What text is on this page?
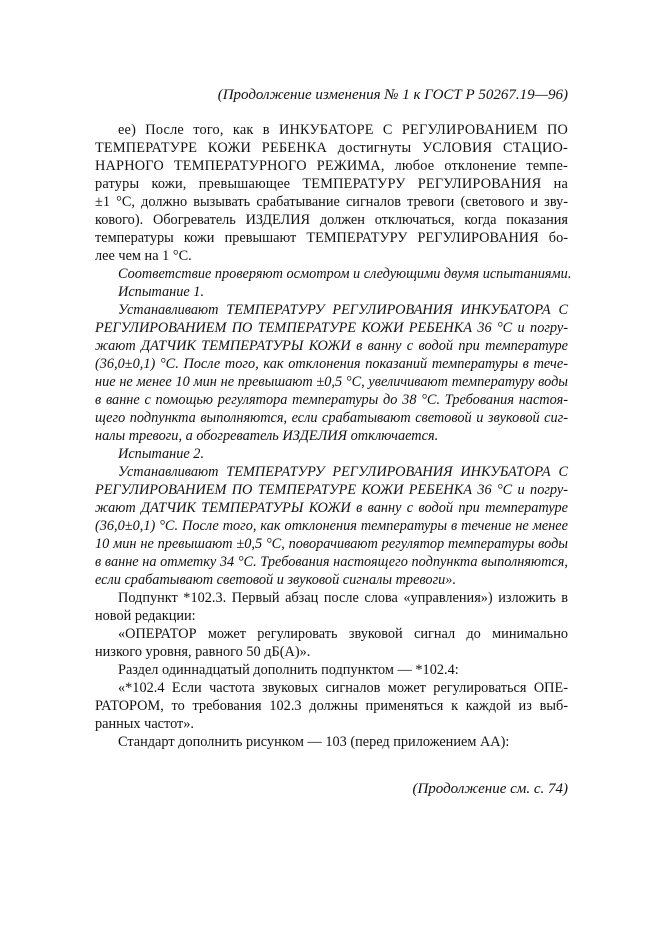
(Продолжение изменения № 1 к ГОСТ Р 50267.19—96)
ее) После того, как в ИНКУБАТОРЕ С РЕГУЛИРОВАНИЕМ ПО
ТЕМПЕРАТУРЕ КОЖИ РЕБЕНКА достигнуты УСЛОВИЯ СТАЦИО-
НАРНОГО ТЕМПЕРАТУРНОГО РЕЖИМА, любое отклонение темпе-
ратуры кожи, превышающее ТЕМПЕРАТУРУ РЕГУЛИРОВАНИЯ на
±1 °С, должно вызывать срабатывание сигналов тревоги (светового и зву-
кового). Обогреватель ИЗДЕЛИЯ должен отключаться, когда показания
температуры кожи превышают ТЕМПЕРАТУРУ РЕГУЛИРОВАНИЯ бо-
лее чем на 1 °С.
Соответствие проверяют осмотром и следующими двумя испытаниями.
Испытание 1.
Устанавливают ТЕМПЕРАТУРУ РЕГУЛИРОВАНИЯ ИНКУБАТОРА С
РЕГУЛИРОВАНИЕМ ПО ТЕМПЕРАТУРЕ КОЖИ РЕБЕНКА 36 °С и погру-
жают ДАТЧИК ТЕМПЕРАТУРЫ КОЖИ в ванну с водой при температуре
(36,0±0,1) °С. После того, как отклонения показаний температуры в тече-
ние не менее 10 мин не превышают ±0,5 °С, увеличивают температуру воды
в ванне с помощью регулятора температуры до 38 °С. Требования настоя-
щего подпункта выполняются, если срабатывают световой и звуковой сиг-
налы тревоги, а обогреватель ИЗДЕЛИЯ отключается.
Испытание 2.
Устанавливают ТЕМПЕРАТУРУ РЕГУЛИРОВАНИЯ ИНКУБАТОРА С
РЕГУЛИРОВАНИЕМ ПО ТЕМПЕРАТУРЕ КОЖИ РЕБЕНКА 36 °С и погру-
жают ДАТЧИК ТЕМПЕРАТУРЫ КОЖИ в ванну с водой при температуре
(36,0±0,1) °С. После того, как отклонения температуры в течение не менее
10 мин не превышают ±0,5 °С, поворачивают регулятор температуры воды
в ванне на отметку 34 °С. Требования настоящего подпункта выполняются,
если срабатывают световой и звуковой сигналы тревоги».
Подпункт *102.3. Первый абзац после слова «управления») изложить в
новой редакции:
«ОПЕРАТОР может регулировать звуковой сигнал до минимально
низкого уровня, равного 50 дБ(А)».
Раздел одиннадцатый дополнить подпунктом — *102.4:
«*102.4 Если частота звуковых сигналов может регулироваться ОПЕ-
РАТОРОМ, то требования 102.3 должны применяться к каждой из выб-
ранных частот».
Стандарт дополнить рисунком — 103 (перед приложением АА):
(Продолжение см. с. 74)
